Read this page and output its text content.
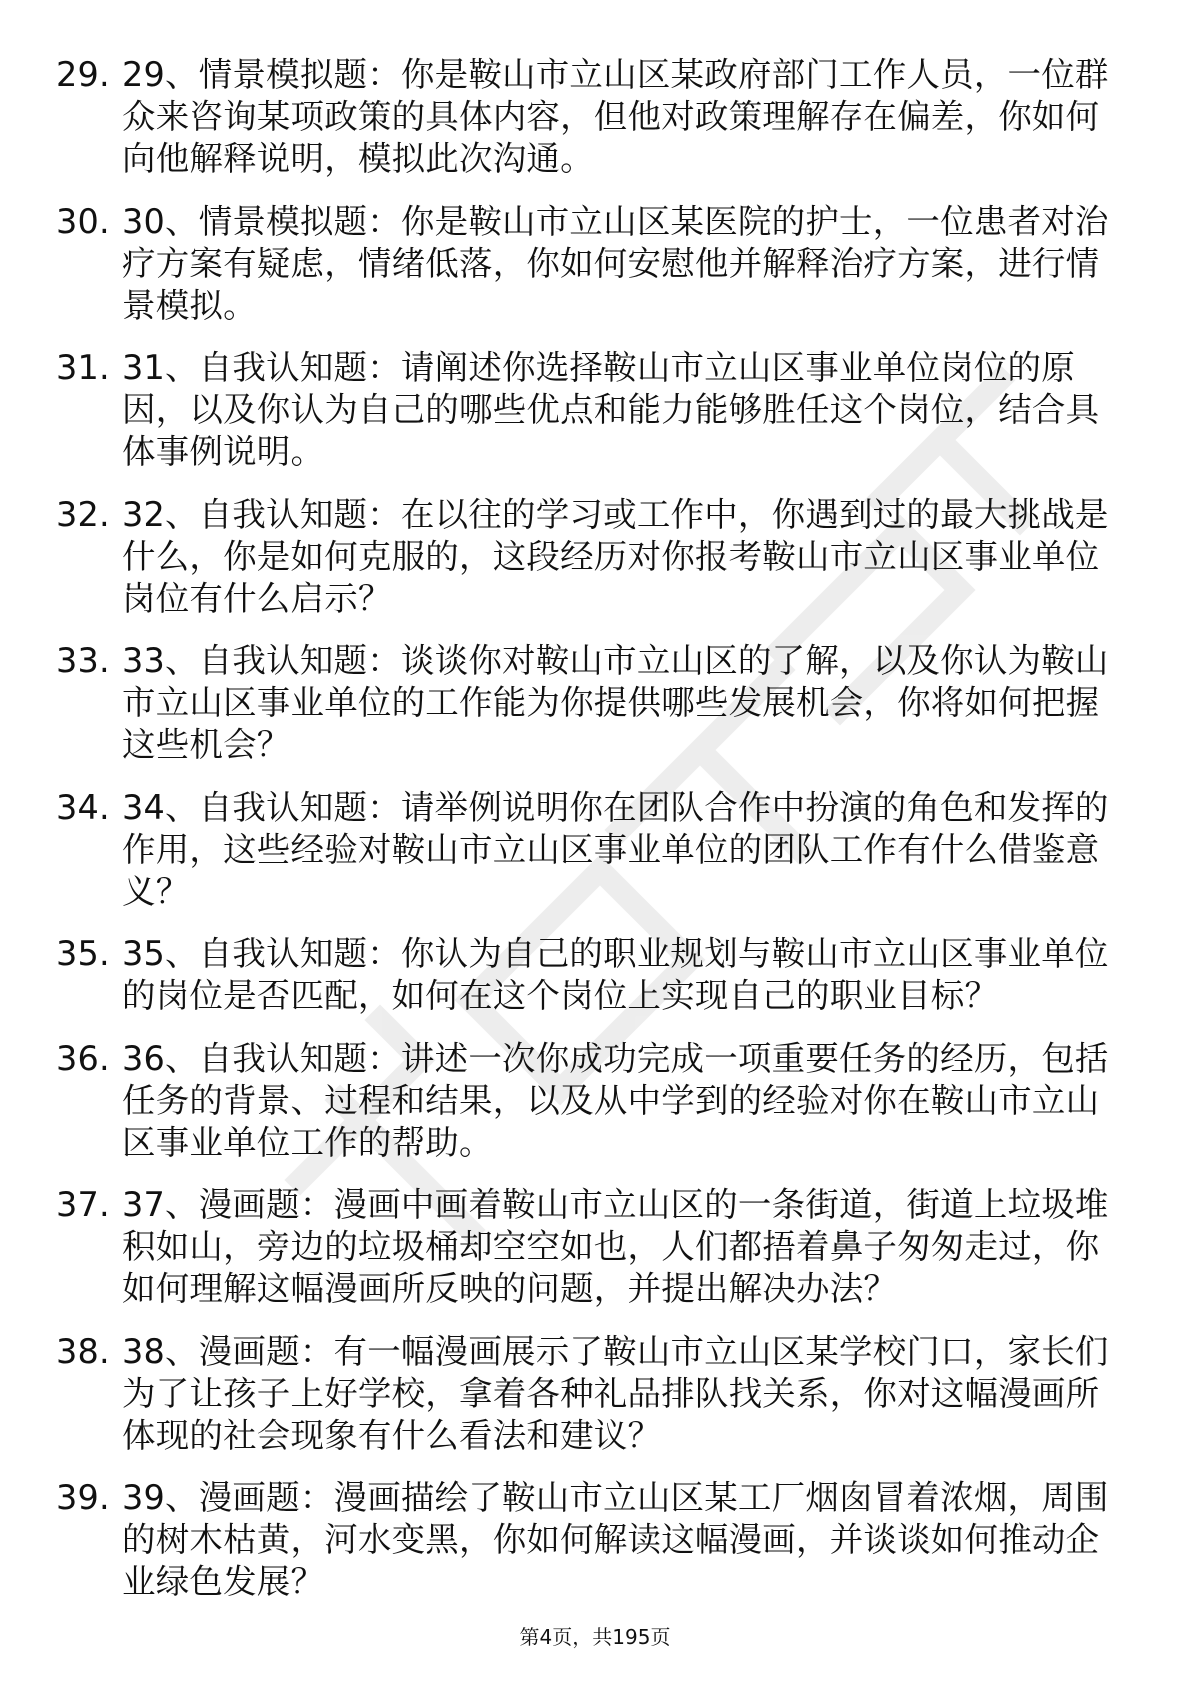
29. 29、情景模拟题：你是鞍山市立山区某政府部门工作人员，一位群众来咨询某项政策的具体内容，但他对政策理解存在偏差，你如何向他解释说明，模拟此次沟通。
30. 30、情景模拟题：你是鞍山市立山区某医院的护士，一位患者对治疗方案有疑虑，情绪低落，你如何安慰他并解释治疗方案，进行情景模拟。
31. 31、自我认知题：请阐述你选择鞍山市立山区事业单位岗位的原因，以及你认为自己的哪些优点和能力能够胜任这个岗位，结合具体事例说明。
32. 32、自我认知题：在以往的学习或工作中，你遇到过的最大挑战是什么，你是如何克服的，这段经历对你报考鞍山市立山区事业单位岗位有什么启示？
33. 33、自我认知题：谈谈你对鞍山市立山区的了解，以及你认为鞍山市立山区事业单位的工作能为你提供哪些发展机会，你将如何把握这些机会？
34. 34、自我认知题：请举例说明你在团队合作中扮演的角色和发挥的作用，这些经验对鞍山市立山区事业单位的团队工作有什么借鉴意义？
35. 35、自我认知题：你认为自己的职业规划与鞍山市立山区事业单位的岗位是否匹配，如何在这个岗位上实现自己的职业目标？
36. 36、自我认知题：讲述一次你成功完成一项重要任务的经历，包括任务的背景、过程和结果，以及从中学到的经验对你在鞍山市立山区事业单位工作的帮助。
37. 37、漫画题：漫画中画着鞍山市立山区的一条街道，街道上垃圾堆积如山，旁边的垃圾桶却空空如也，人们都捂着鼻子匆匆走过，你如何理解这幅漫画所反映的问题，并提出解决办法？
38. 38、漫画题：有一幅漫画展示了鞍山市立山区某学校门口，家长们为了让孩子上好学校，拿着各种礼品排队找关系，你对这幅漫画所体现的社会现象有什么看法和建议？
39. 39、漫画题：漫画描绘了鞍山市立山区某工厂烟囱冒着浓烟，周围的树木枯黄，河水变黑，你如何解读这幅漫画，并谈谈如何推动企业绿色发展？
第4页，共195页
